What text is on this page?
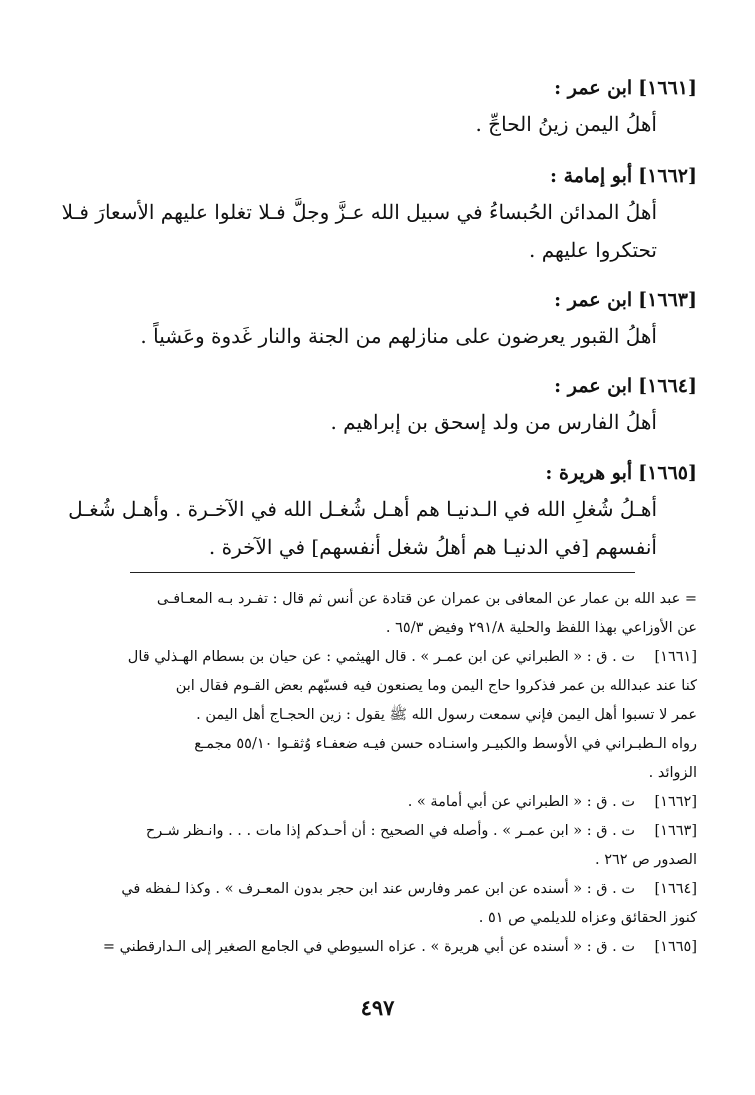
[١٦٦١]ابن عمر :
أهلُ اليمن زينُ الحاجِّ .
[١٦٦٢]أبو إمامة :
أهلُ المدائن الحُبساءُ في سبيل الله عـزَّ وجلَّ فـلا تغلوا عليهم الأسعارَ فـلا
تحتكروا عليهم .
[١٦٦٣]ابن عمر :
أهلُ القبور يعرضون على منازلهم من الجنة والنار غَدوة وعَشياً .
[١٦٦٤]ابن عمر :
أهلُ الفارس من ولد إسحق بن إبراهيم .
[١٦٦٥]أبو هريرة :
أهـلُ شُغلِ الله في الـدنيـا هم أهـل شُغـل الله في الآخـرة . وأهـل شُغـل
أنفسهم [في الدنيـا هم أهلُ شغل أنفسهم] في الآخرة .
= عبد الله بن عمار عن المعافى بن عمران عن قتادة عن أنس ثم قال : تفـرد بـه المعـافـى
عن الأوزاعي بهذا اللفظ والحلية ٢٩١/٨ وفيض ٦٥/٣ .
[١٦٦١]
ت . ق : « الطبراني عن ابن عمـر » . قال الهيثمي : عن حيان بن بسطام الهـذلي قال
كنا عند عبدالله بن عمر فذكروا حاج اليمن وما يصنعون فيه فسبّهم بعض القـوم فقال ابن
عمر لا تسبوا أهل اليمن فإني سمعت رسول الله ﷺ يقول : زين الحجـاج أهل اليمن .
رواه الـطبـراني في الأوسط والكبيـر واسنـاده حسن فيـه ضعفـاء وُثقـوا ٥٥/١٠ مجمـع
الزوائد .
[١٦٦٢]
ت . ق : « الطبراني عن أبي أمامة » .
[١٦٦٣]
ت . ق : « ابن عمـر » . وأصله في الصحيح : أن أحـدكم إذا مات . . . وانـظر شـرح
الصدور ص ٢٦٢ .
[١٦٦٤]
ت . ق : « أسنده عن ابن عمر وفارس عند ابن حجر بدون المعـرف » . وكذا لـفظه في
كنوز الحقائق وعزاه للديلمي ص ٥١ .
[١٦٦٥]
ت . ق : « أسنده عن أبي هريرة » . عزاه السيوطي في الجامع الصغير إلى الـدارقطني =
٤٩٧
